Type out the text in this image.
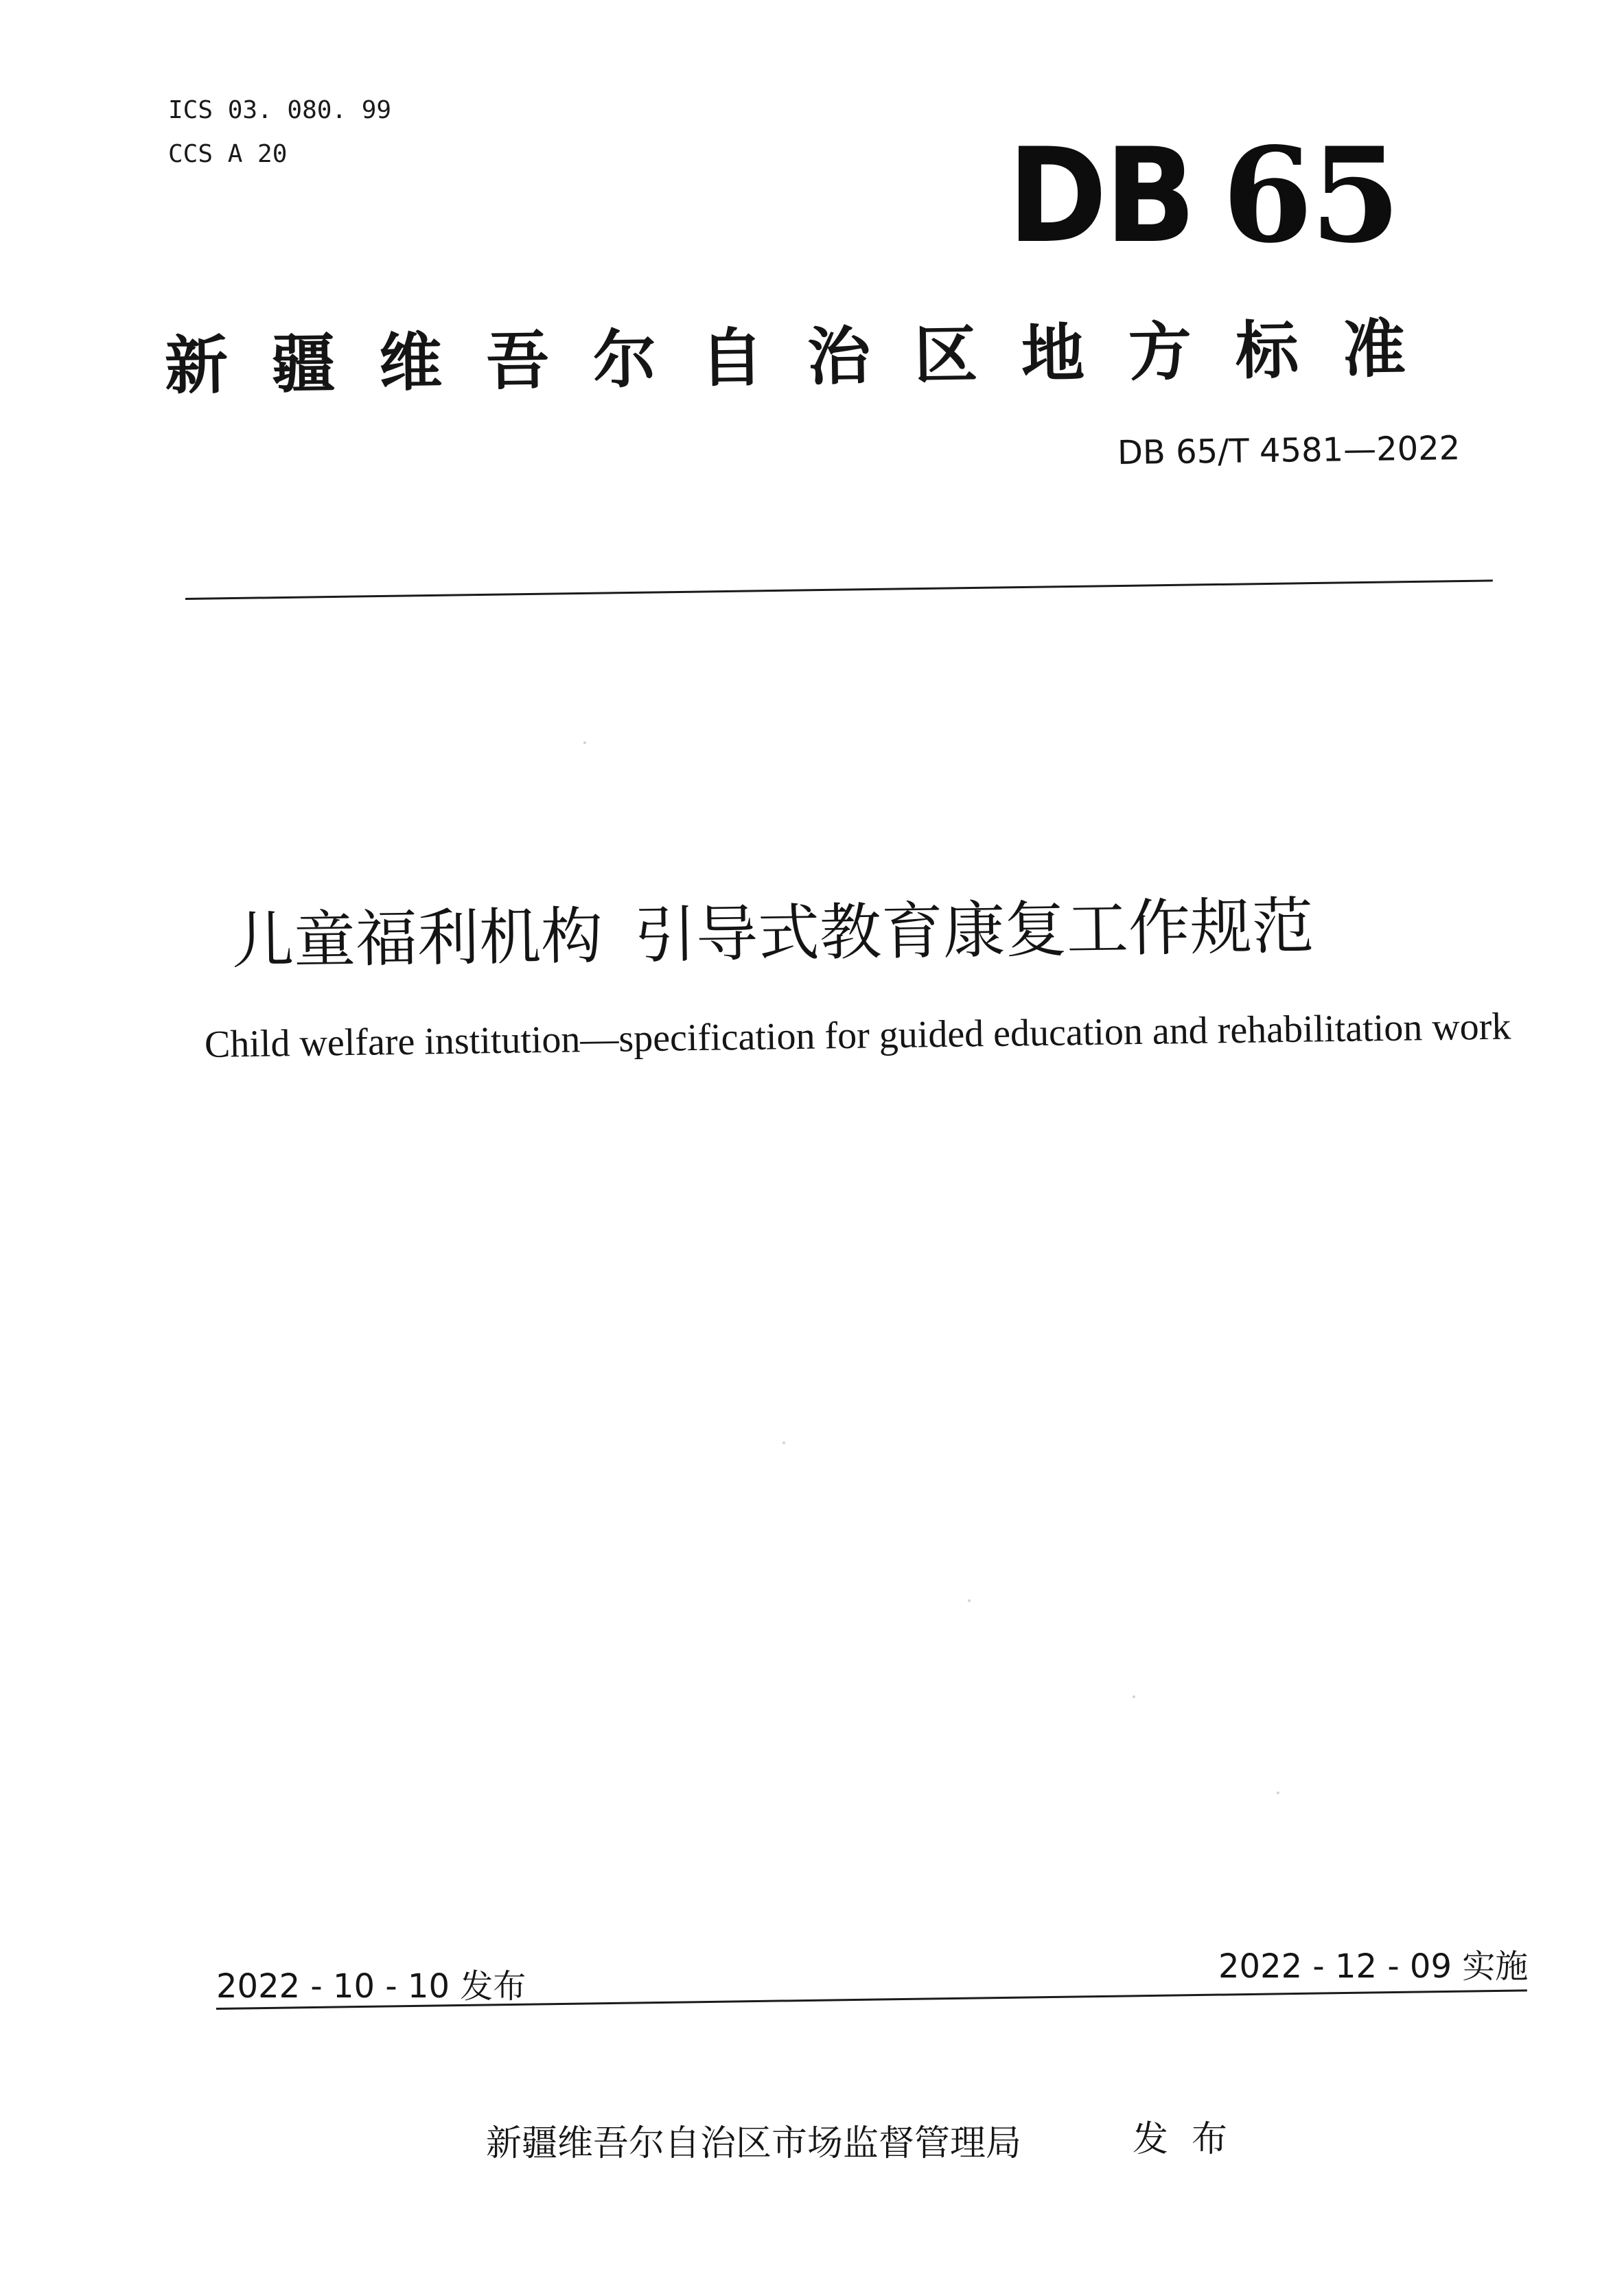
ICS 03. 080. 99
CCS A 20	DB 65
新疆维吾尔自治区地方标准
DB 65/T 4581—2022
儿童福利机构 引导式教育康复工作规范
Child welfare institution—specification for guided education and rehabilitation work
2022 - 10 - 10 发布
2022 - 12 - 09 实施
新疆维吾尔自治区市场监督管理局	发布
